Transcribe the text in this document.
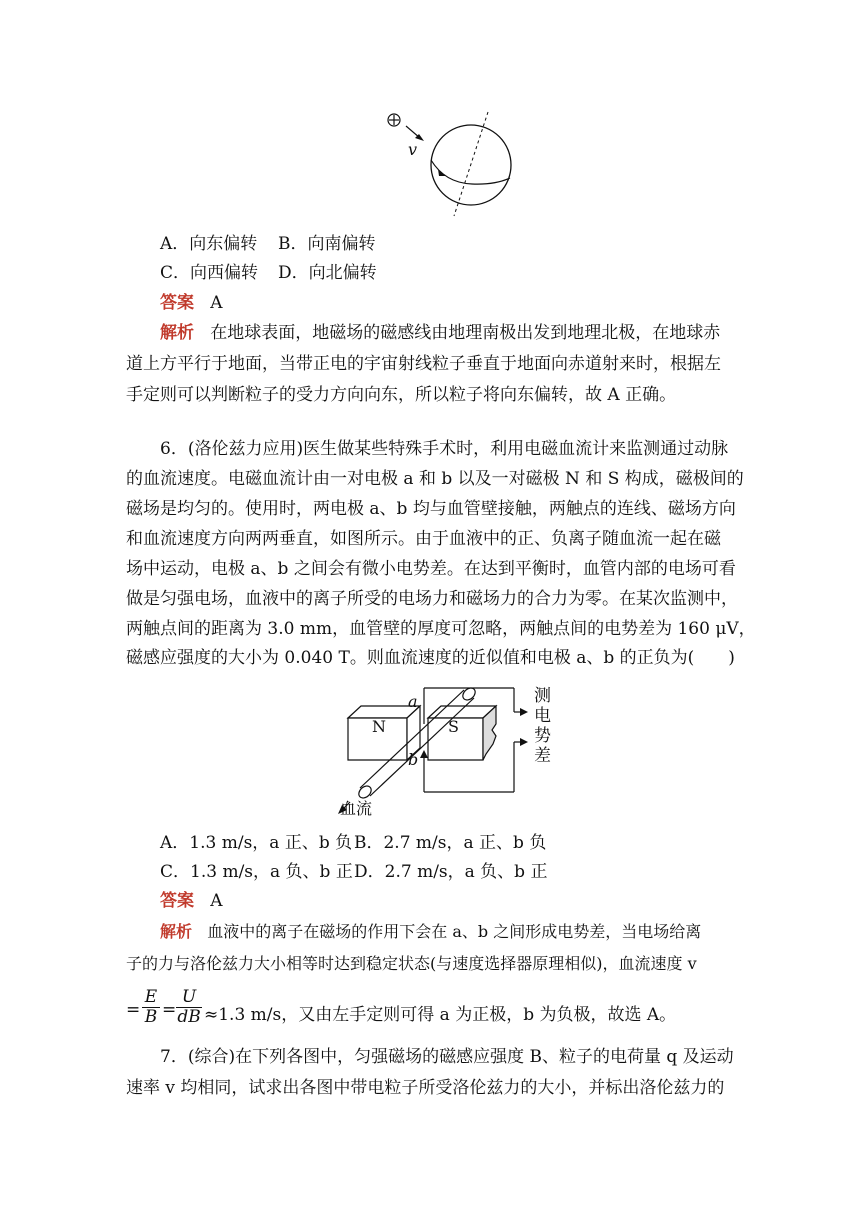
v
A．向东偏转 B．向南偏转
C．向西偏转 D．向北偏转
答案 A
解析 在地球表面，地磁场的磁感线由地理南极出发到地理北极，在地球赤
道上方平行于地面，当带正电的宇宙射线粒子垂直于地面向赤道射来时，根据左
手定则可以判断粒子的受力方向向东，所以粒子将向东偏转，故 A 正确。
6．(洛伦兹力应用)医生做某些特殊手术时，利用电磁血流计来监测通过动脉
的血流速度。电磁血流计由一对电极 a 和 b 以及一对磁极 N 和 S 构成，磁极间的
磁场是均匀的。使用时，两电极 a、b 均与血管壁接触，两触点的连线、磁场方向
和血流速度方向两两垂直，如图所示。由于血液中的正、负离子随血流一起在磁
场中运动，电极 a、b 之间会有微小电势差。在达到平衡时，血管内部的电场可看
做是匀强电场，血液中的离子所受的电场力和磁场力的合力为零。在某次监测中，
两触点间的距离为 3.0 mm，血管壁的厚度可忽略，两触点间的电势差为 160 μV，
磁感应强度的大小为 0.040 T。则血流速度的近似值和电极 a、b 的正负为(　　)
a
b
N	S
测
电
势
差
血流
A．1.3 m/s，a 正、b 负 B．2.7 m/s，a 正、b 负
C．1.3 m/s，a 负、b 正 D．2.7 m/s，a 负、b 正
答案 A
解析 血液中的离子在磁场的作用下会在 a、b 之间形成电势差，当电场给离
子的力与洛伦兹力大小相等时达到稳定状态(与速度选择器原理相似)，血流速度 v
= $\frac{E}{B} = \frac{U}{dB} \approx 1.3$ m/s，又由左手定则可得 a 为正极，b 为负极，故选 A。
7．(综合)在下列各图中，匀强磁场的磁感应强度 B、粒子的电荷量 q 及运动
速率 v 均相同，试求出各图中带电粒子所受洛伦兹力的大小，并标出洛伦兹力的
